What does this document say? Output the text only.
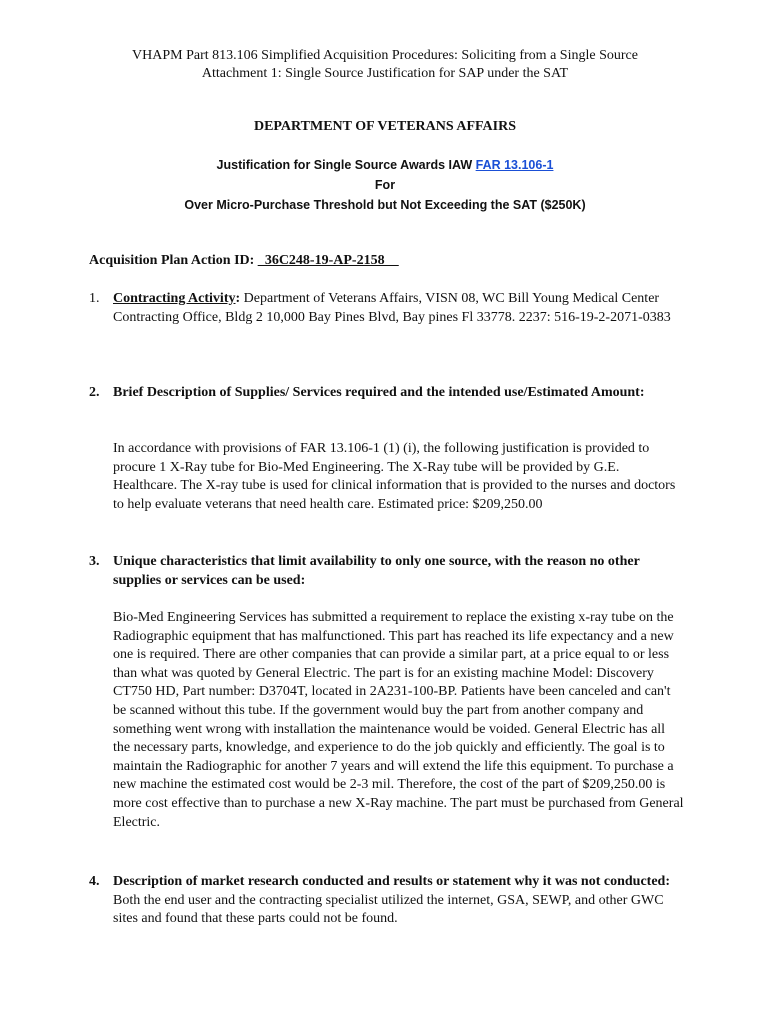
VHAPM Part 813.106 Simplified Acquisition Procedures: Soliciting from a Single Source
Attachment 1: Single Source Justification for SAP under the SAT
DEPARTMENT OF VETERANS AFFAIRS
Justification for Single Source Awards IAW FAR 13.106-1
For
Over Micro-Purchase Threshold but Not Exceeding the SAT ($250K)
Acquisition Plan Action ID: _36C248-19-AP-2158__
1. Contracting Activity: Department of Veterans Affairs, VISN 08, WC Bill Young Medical Center Contracting Office, Bldg 2 10,000 Bay Pines Blvd, Bay pines Fl 33778. 2237: 516-19-2-2071-0383
2. Brief Description of Supplies/ Services required and the intended use/Estimated Amount:
In accordance with provisions of FAR 13.106-1 (1) (i), the following justification is provided to procure 1 X-Ray tube for Bio-Med Engineering. The X-Ray tube will be provided by G.E. Healthcare. The X-ray tube is used for clinical information that is provided to the nurses and doctors to help evaluate veterans that need health care. Estimated price: $209,250.00
3. Unique characteristics that limit availability to only one source, with the reason no other supplies or services can be used:
Bio-Med Engineering Services has submitted a requirement to replace the existing x-ray tube on the Radiographic equipment that has malfunctioned. This part has reached its life expectancy and a new one is required. There are other companies that can provide a similar part, at a price equal to or less than what was quoted by General Electric. The part is for an existing machine Model: Discovery CT750 HD, Part number: D3704T, located in 2A231-100-BP. Patients have been canceled and can't be scanned without this tube. If the government would buy the part from another company and something went wrong with installation the maintenance would be voided. General Electric has all the necessary parts, knowledge, and experience to do the job quickly and efficiently. The goal is to maintain the Radiographic for another 7 years and will extend the life this equipment. To purchase a new machine the estimated cost would be 2-3 mil. Therefore, the cost of the part of $209,250.00 is more cost effective than to purchase a new X-Ray machine. The part must be purchased from General Electric.
4. Description of market research conducted and results or statement why it was not conducted: Both the end user and the contracting specialist utilized the internet, GSA, SEWP, and other GWC sites and found that these parts could not be found.
